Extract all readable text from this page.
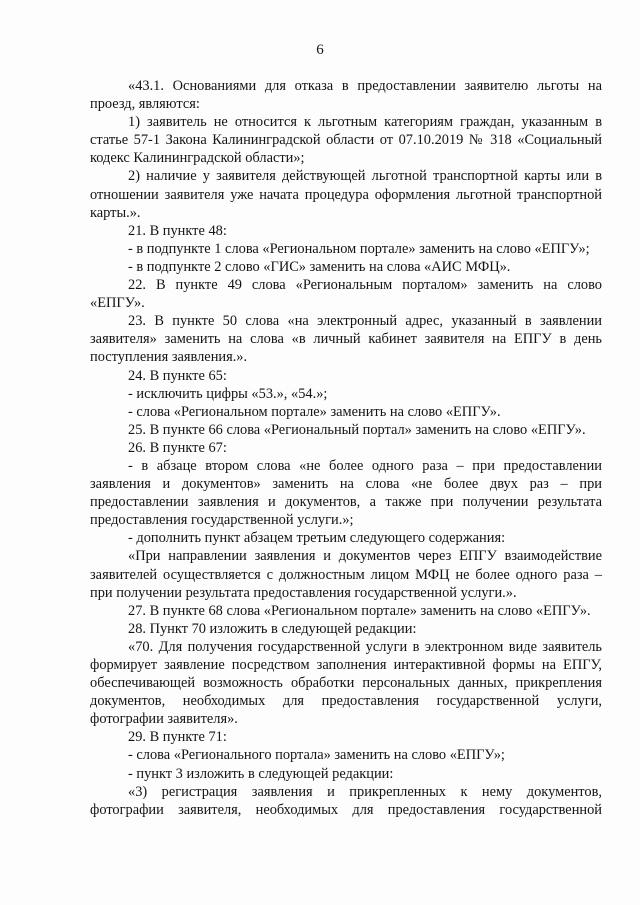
6

«43.1. Основаниями для отказа в предоставлении заявителю льготы на проезд, являются:

1) заявитель не относится к льготным категориям граждан, указанным в статье 57-1 Закона Калининградской области от 07.10.2019 № 318 «Социальный кодекс Калининградской области»;

2) наличие у заявителя действующей льготной транспортной карты или в отношении заявителя уже начата процедура оформления льготной транспортной карты.».

21. В пункте 48:

- в подпункте 1 слова «Региональном портале» заменить на слово «ЕПГУ»;

- в подпункте 2 слово «ГИС» заменить на слова «АИС МФЦ».

22. В пункте 49 слова «Региональным порталом» заменить на слово «ЕПГУ».

23. В пункте 50 слова «на электронный адрес, указанный в заявлении заявителя» заменить на слова «в личный кабинет заявителя на ЕПГУ в день поступления заявления.».

24. В пункте 65:

- исключить цифры «53.», «54.»;

- слова «Региональном портале» заменить на слово «ЕПГУ».

25. В пункте 66 слова «Региональный портал» заменить на слово «ЕПГУ».

26. В пункте 67:

- в абзаце втором слова «не более одного раза – при предоставлении заявления и документов» заменить на слова «не более двух раз – при предоставлении заявления и документов, а также при получении результата предоставления государственной услуги.»;

- дополнить пункт абзацем третьим следующего содержания:

«При направлении заявления и документов через ЕПГУ взаимодействие заявителей осуществляется с должностным лицом МФЦ не более одного раза – при получении результата предоставления государственной услуги.».

27. В пункте 68 слова «Региональном портале» заменить на слово «ЕПГУ».

28. Пункт 70 изложить в следующей редакции:

«70. Для получения государственной услуги в электронном виде заявитель формирует заявление посредством заполнения интерактивной формы на ЕПГУ, обеспечивающей возможность обработки персональных данных, прикрепления документов, необходимых для предоставления государственной услуги, фотографии заявителя».

29. В пункте 71:

- слова «Регионального портала» заменить на слово «ЕПГУ»;

- пункт 3 изложить в следующей редакции:

«3) регистрация заявления и прикрепленных к нему документов, фотографии заявителя, необходимых для предоставления государственной
